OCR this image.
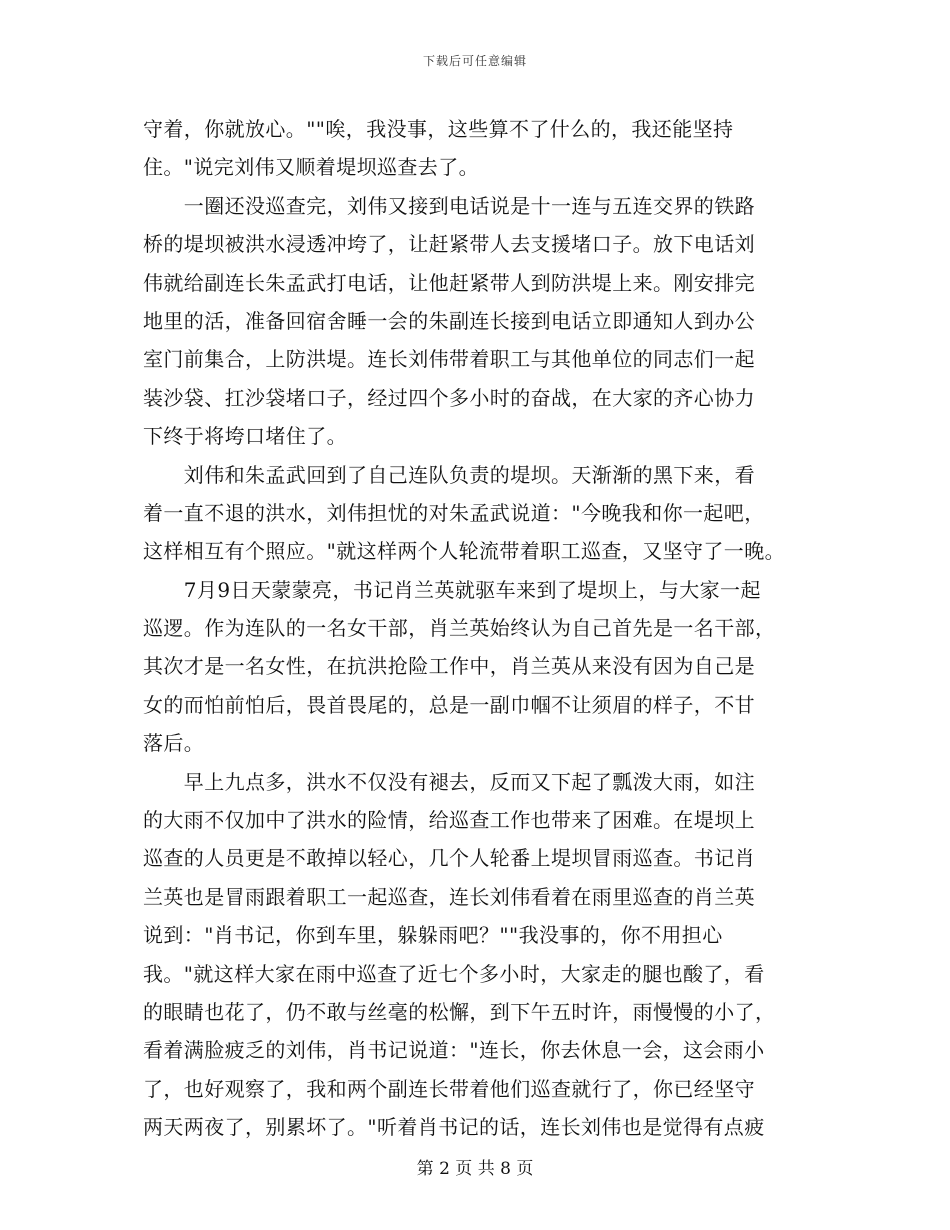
下载后可任意编辑
守着，你就放心。""唉，我没事，这些算不了什么的，我还能坚持
住。"说完刘伟又顺着堤坝巡查去了。
　　一圈还没巡查完，刘伟又接到电话说是十一连与五连交界的铁路
桥的堤坝被洪水浸透冲垮了，让赶紧带人去支援堵口子。放下电话刘
伟就给副连长朱孟武打电话，让他赶紧带人到防洪堤上来。刚安排完
地里的活，准备回宿舍睡一会的朱副连长接到电话立即通知人到办公
室门前集合，上防洪堤。连长刘伟带着职工与其他单位的同志们一起
装沙袋、扛沙袋堵口子，经过四个多小时的奋战，在大家的齐心协力
下终于将垮口堵住了。
　　刘伟和朱孟武回到了自己连队负责的堤坝。天渐渐的黑下来，看
着一直不退的洪水，刘伟担忧的对朱孟武说道："今晚我和你一起吧，
这样相互有个照应。"就这样两个人轮流带着职工巡查，又坚守了一晚。
　　7月9日天蒙蒙亮，书记肖兰英就驱车来到了堤坝上，与大家一起
巡逻。作为连队的一名女干部，肖兰英始终认为自己首先是一名干部，
其次才是一名女性，在抗洪抢险工作中，肖兰英从来没有因为自己是
女的而怕前怕后，畏首畏尾的，总是一副巾帼不让须眉的样子，不甘
落后。
　　早上九点多，洪水不仅没有褪去，反而又下起了瓢泼大雨，如注
的大雨不仅加中了洪水的险情，给巡查工作也带来了困难。在堤坝上
巡查的人员更是不敢掉以轻心，几个人轮番上堤坝冒雨巡查。书记肖
兰英也是冒雨跟着职工一起巡查，连长刘伟看着在雨里巡查的肖兰英
说到："肖书记，你到车里，躲躲雨吧？""我没事的，你不用担心
我。"就这样大家在雨中巡查了近七个多小时，大家走的腿也酸了，看
的眼睛也花了，仍不敢与丝毫的松懈，到下午五时许，雨慢慢的小了，
看着满脸疲乏的刘伟，肖书记说道："连长，你去休息一会，这会雨小
了，也好观察了，我和两个副连长带着他们巡查就行了，你已经坚守
两天两夜了，别累坏了。"听着肖书记的话，连长刘伟也是觉得有点疲
第 2 页 共 8 页
